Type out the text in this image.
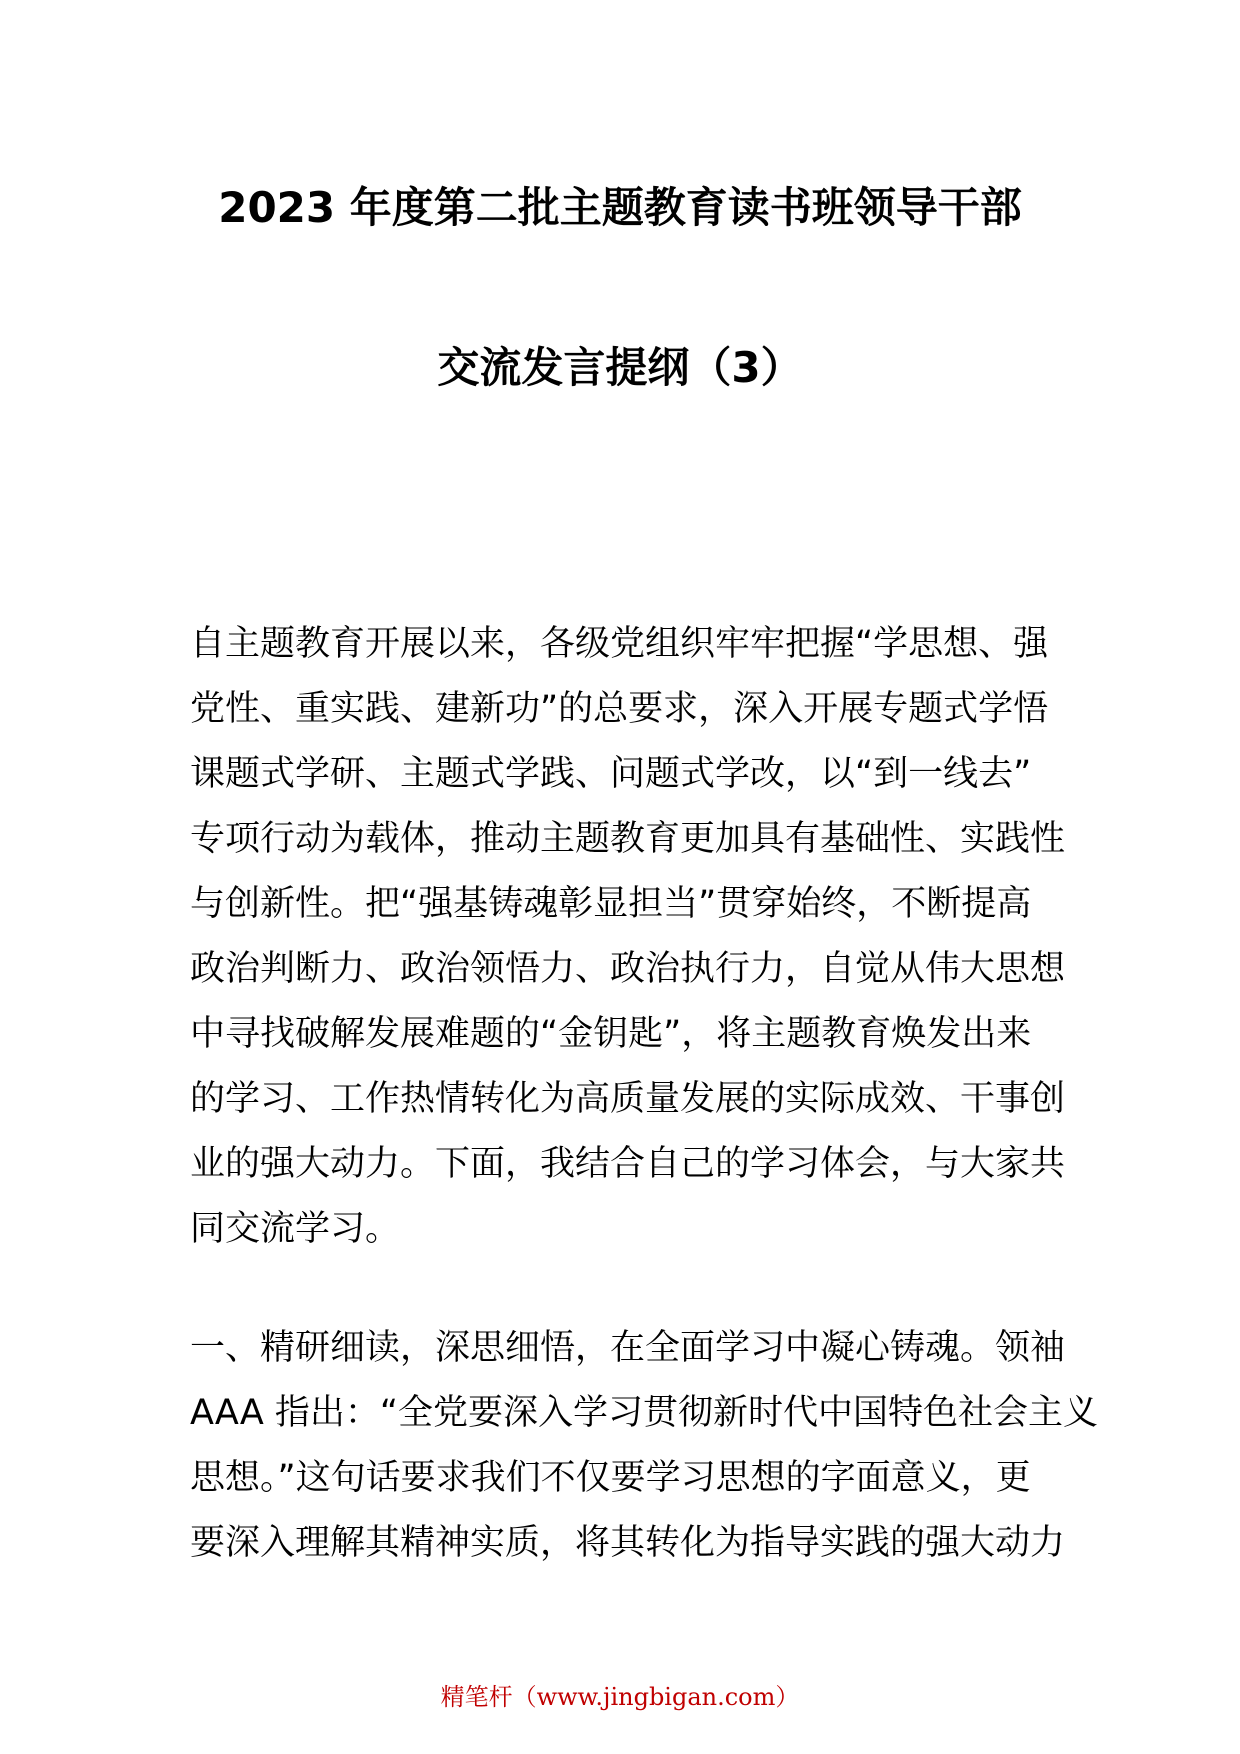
2023 年度第二批主题教育读书班领导干部
交流发言提纲（3）
自主题教育开展以来，各级党组织牢牢把握“学思想、强
党性、重实践、建新功”的总要求，深入开展专题式学悟
课题式学研、主题式学践、问题式学改，以“到一线去”
专项行动为载体，推动主题教育更加具有基础性、实践性
与创新性。把“强基铸魂彰显担当”贯穿始终，不断提高
政治判断力、政治领悟力、政治执行力，自觉从伟大思想
中寻找破解发展难题的“金钥匙”，将主题教育焕发出来
的学习、工作热情转化为高质量发展的实际成效、干事创
业的强大动力。下面，我结合自己的学习体会，与大家共
同交流学习。
一、精研细读，深思细悟，在全面学习中凝心铸魂。领袖
AAA 指出：“全党要深入学习贯彻新时代中国特色社会主义
思想。”这句话要求我们不仅要学习思想的字面意义，更
要深入理解其精神实质，将其转化为指导实践的强大动力
精笔杆（www.jingbigan.com）
